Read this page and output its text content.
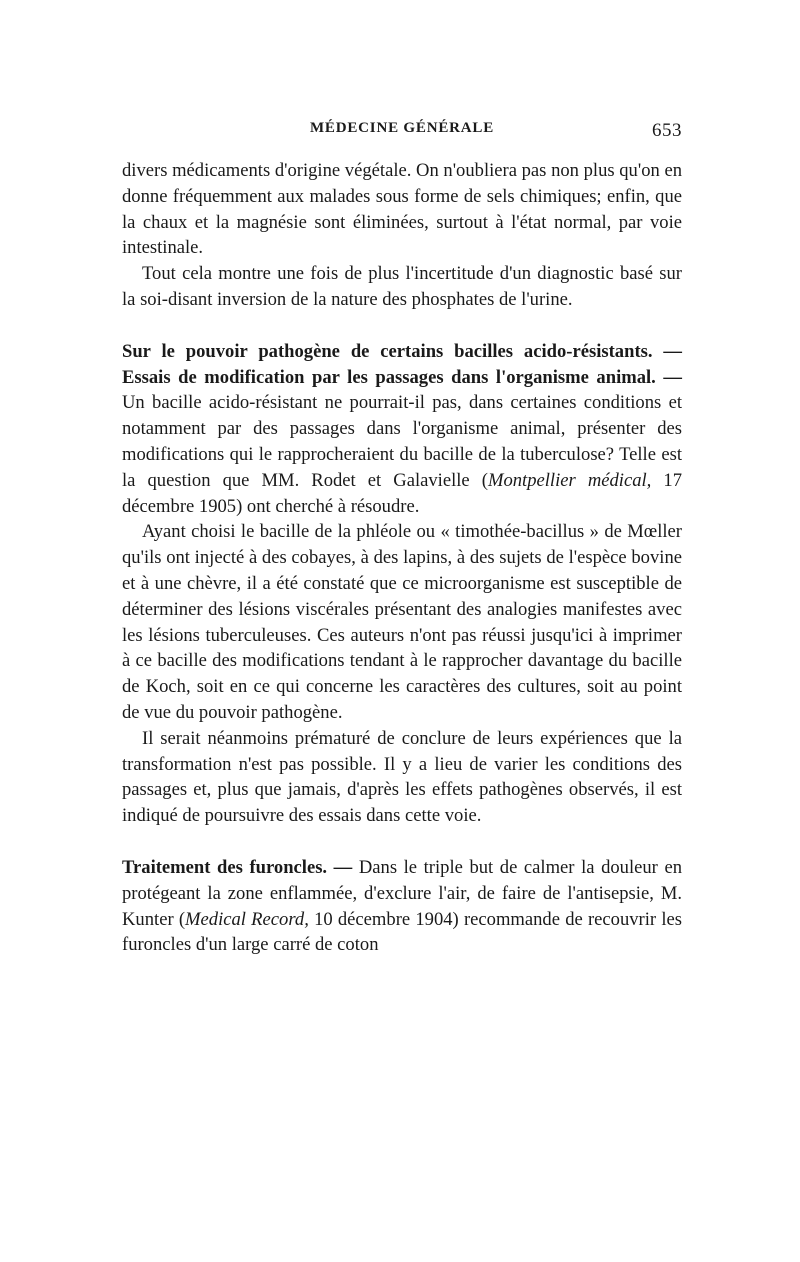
MÉDECINE GÉNÉRALE	653

divers médicaments d'origine végétale. On n'oubliera pas non plus qu'on en donne fréquemment aux malades sous forme de sels chimiques; enfin, que la chaux et la magnésie sont éliminées, surtout à l'état normal, par voie intestinale.

Tout cela montre une fois de plus l'incertitude d'un diagnostic basé sur la soi-disant inversion de la nature des phosphates de l'urine.

Sur le pouvoir pathogène de certains bacilles acido-résistants. — Essais de modification par les passages dans l'organisme animal. — Un bacille acido-résistant ne pourrait-il pas, dans certaines conditions et notamment par des passages dans l'organisme animal, présenter des modifications qui le rapprocheraient du bacille de la tuberculose? Telle est la question que MM. Rodet et Galavielle (Montpellier médical, 17 décembre 1905) ont cherché à résoudre.

Ayant choisi le bacille de la phléole ou « timothée-bacillus » de Mœller qu'ils ont injecté à des cobayes, à des lapins, à des sujets de l'espèce bovine et à une chèvre, il a été constaté que ce microorganisme est susceptible de déterminer des lésions viscérales présentant des analogies manifestes avec les lésions tuberculeuses. Ces auteurs n'ont pas réussi jusqu'ici à imprimer à ce bacille des modifications tendant à le rapprocher davantage du bacille de Koch, soit en ce qui concerne les caractères des cultures, soit au point de vue du pouvoir pathogène.

Il serait néanmoins prématuré de conclure de leurs expériences que la transformation n'est pas possible. Il y a lieu de varier les conditions des passages et, plus que jamais, d'après les effets pathogènes observés, il est indiqué de poursuivre des essais dans cette voie.

Traitement des furoncles. — Dans le triple but de calmer la douleur en protégeant la zone enflammée, d'exclure l'air, de faire de l'antisepsie, M. Kunter (Medical Record, 10 décembre 1904) recommande de recouvrir les furoncles d'un large carré de coton
